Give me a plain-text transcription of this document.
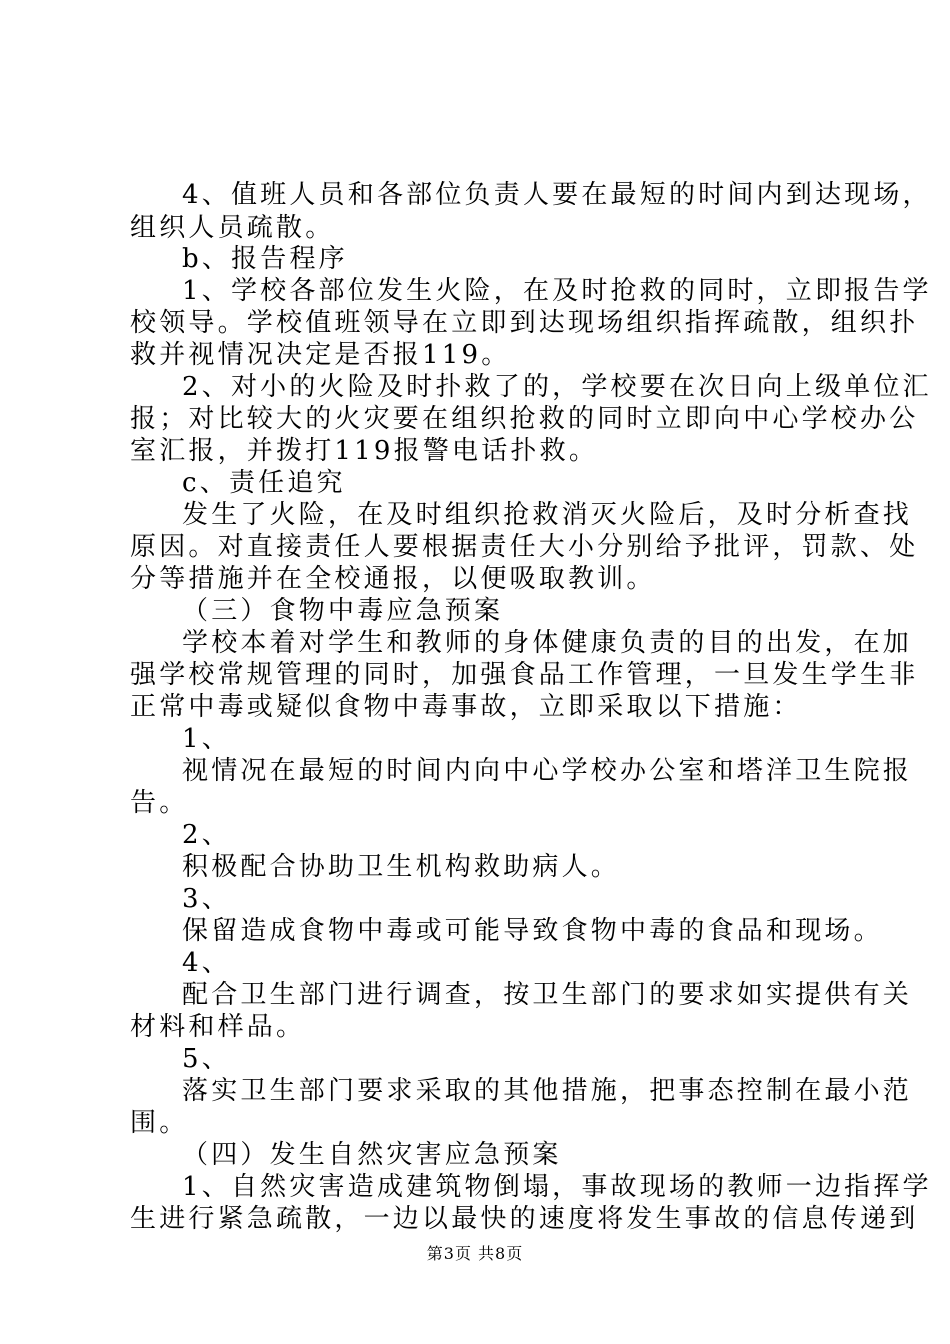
4、值班人员和各部位负责人要在最短的时间内到达现场，
组织人员疏散。
b、报告程序
1、学校各部位发生火险，在及时抢救的同时，立即报告学
校领导。学校值班领导在立即到达现场组织指挥疏散，组织扑
救并视情况决定是否报119。
2、对小的火险及时扑救了的，学校要在次日向上级单位汇
报；对比较大的火灾要在组织抢救的同时立即向中心学校办公
室汇报，并拨打119报警电话扑救。
c、责任追究
发生了火险，在及时组织抢救消灭火险后，及时分析查找
原因。对直接责任人要根据责任大小分别给予批评，罚款、处
分等措施并在全校通报，以便吸取教训。
（三）食物中毒应急预案
学校本着对学生和教师的身体健康负责的目的出发，在加
强学校常规管理的同时，加强食品工作管理，一旦发生学生非
正常中毒或疑似食物中毒事故，立即采取以下措施：
1、
视情况在最短的时间内向中心学校办公室和塔洋卫生院报
告。
2、
积极配合协助卫生机构救助病人。
3、
保留造成食物中毒或可能导致食物中毒的食品和现场。
4、
配合卫生部门进行调查，按卫生部门的要求如实提供有关
材料和样品。
5、
落实卫生部门要求采取的其他措施，把事态控制在最小范
围。
（四）发生自然灾害应急预案
1、自然灾害造成建筑物倒塌，事故现场的教师一边指挥学
生进行紧急疏散，一边以最快的速度将发生事故的信息传递到
第3页 共8页
